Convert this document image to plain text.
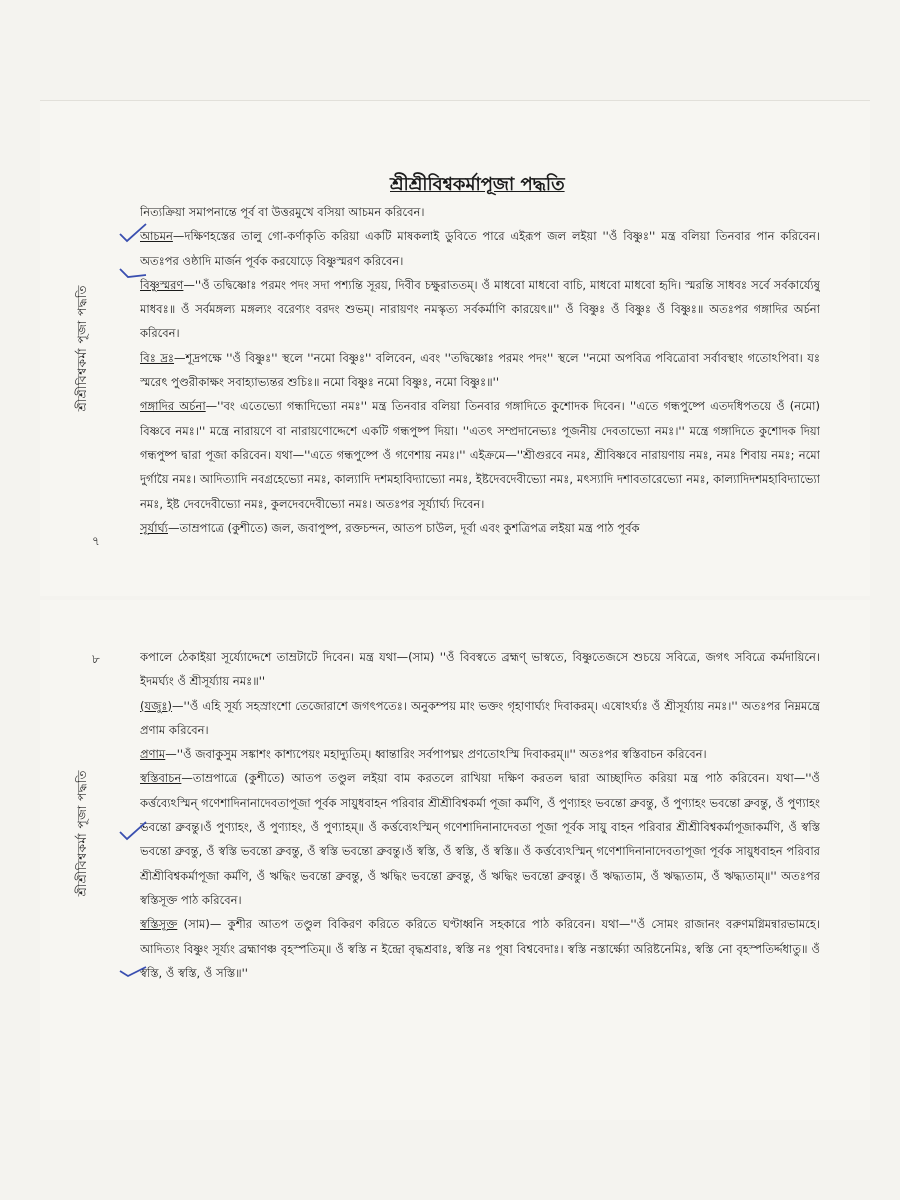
শ্রীশ্রীবিশ্বকর্মা পূজা পদ্ধতি
শ্রীশ্রীবিশ্বকর্মা পূজা পদ্ধতি
৭
৮
শ্রীশ্রীবিশ্বকর্মাপূজা পদ্ধতি

নিত্যক্রিয়া সমাপনান্তে পূর্ব বা উত্তরমুখে বসিয়া আচমন করিবেন।

আচমন—দক্ষিণহস্তের তালু গো-কর্ণাকৃতি করিয়া একটি মাষকলাই ডুবিতে পারে এইরূপ জল লইয়া ''ওঁ বিষ্ণুঃ'' মন্ত্র বলিয়া তিনবার পান করিবেন। অতঃপর ওষ্ঠাদি মার্জন পূর্বক করযোড়ে বিষ্ণুস্মরণ করিবেন।

বিষ্ণুস্মরণ—''ওঁ তদ্বিষ্ণোঃ পরমং পদং সদা পশ্যন্তি সূরয়, দিবীব চক্ষুরাততম্‌। ওঁ মাধবো মাধবো বাচি, মাধবো মাধবো হৃদি। স্মরন্তি সাধবঃ সর্বে সর্বকার্য্যেষু মাধবঃ॥ ওঁ সর্বমঙ্গল্য মঙ্গল্যং বরেণ্যং বরদং শুভম্‌। নারায়ণং নমস্কৃত্য সর্বকর্মাণি কারয়েৎ॥'' ওঁ বিষ্ণুঃ ওঁ বিষ্ণুঃ ওঁ বিষ্ণুঃ॥ অতঃপর গঙ্গাদির অর্চনা করিবেন।

বিঃ দ্রঃ—শূদ্রপক্ষে ''ওঁ বিষ্ণুঃ'' স্থলে ''নমো বিষ্ণুঃ'' বলিবেন, এবং ''তদ্বিষ্ণোঃ পরমং পদং'' স্থলে ''নমো অপবিত্র পবিত্রোবা সর্বাবস্থাং গতোঽপিবা। যঃ স্মরেৎ পুণ্ডরীকাক্ষং সবাহ্যাভ্যন্তর শুচিঃ॥ নমো বিষ্ণুঃ নমো বিষ্ণুঃ, নমো বিষ্ণুঃ॥''

গঙ্গাদির অর্চনা—''বং এতেভ্যো গন্ধাদিভ্যো নমঃ'' মন্ত্র তিনবার বলিয়া তিনবার গঙ্গাদিতে কুশোদক দিবেন। ''এতে গন্ধপুষ্পে এতদধিপতয়ে ওঁ (নমো) বিষ্ণবে নমঃ।'' মন্ত্রে নারায়ণে বা নারায়ণোদ্দেশে একটি গন্ধপুষ্প দিয়া। ''এতৎ সম্প্রদানেভ্যঃ পূজনীয় দেবতাভ্যো নমঃ।'' মন্ত্রে গঙ্গাদিতে কুশোদক দিয়া গন্ধপুষ্প দ্বারা পূজা করিবেন। যথা—''এতে গন্ধপুষ্পে ওঁ গণেশায় নমঃ।'' এইক্রমে—''শ্রীগুরবে নমঃ, শ্রীবিষ্ণবে নারায়ণায় নমঃ, নমঃ শিবায় নমঃ; নমো দুর্গায়ৈ নমঃ। আদিত্যাদি নবগ্রহেভ্যো নমঃ, কাল্যাদি দশমহাবিদ্যাভ্যো নমঃ, ইষ্টদেবদেবীভ্যো নমঃ, মৎস্যাদি দশাবতারেভ্যো নমঃ, কাল্যাদিদশমহাবিদ্যাভ্যো নমঃ, ইষ্ট দেবদেবীভ্যো নমঃ, কুলদেবদেবীভ্যো নমঃ। অতঃপর সূর্য্যার্ঘ্য দিবেন।

সূর্যার্ঘ্য—তাম্রপাত্রে (কুশীতে) জল, জবাপুষ্প, রক্তচন্দন, আতপ চাউল, দূর্বা এবং কুশত্রিপত্র লইয়া মন্ত্র পাঠ পূর্বক

কপালে ঠেকাইয়া সূর্য্যোদ্দেশে তাম্রটাটে দিবেন। মন্ত্র যথা—(সাম) ''ওঁ বিবস্বতে ব্রহ্মণ্‌ ভাস্বতে, বিষ্ণুতেজসে শুচয়ে সবিত্রে, জগৎ সবিত্রে কর্মদায়িনে। ইদমর্ঘ্যং ওঁ শ্রীসূর্য্যায় নমঃ॥''

(যজুঃ)—''ওঁ এহি সূর্য্য সহস্রাংশো তেজোরাশে জগৎপতেঃ। অনুকম্পয় মাং ভক্তং গৃহাণার্ঘ্যং দিবাকরম্‌। এষোঽর্ঘ্যঃ ওঁ শ্রীসূর্য্যায় নমঃ।'' অতঃপর নিম্নমন্ত্রে প্রণাম করিবেন।

প্রণাম—''ওঁ জবাকুসুম সঙ্কাশং কাশ্যপেয়ং মহাদ্যুতিম্‌। ধ্বান্তারিং সর্বপাপঘ্নং প্রণতোঽস্মি দিবাকরম্‌॥'' অতঃপর স্বস্তিবাচন করিবেন।

স্বস্তিবাচন—তাম্রপাত্রে (কুশীতে) আতপ তণ্ডুল লইয়া বাম করতলে রাখিয়া দক্ষিণ করতল দ্বারা আচ্ছাদিত করিয়া মন্ত্র পাঠ করিবেন। যথা—''ওঁ কর্ত্তব্যেঽস্মিন্‌ গণেশাদিনানাদেবতাপূজা পূর্বক সায়ুধবাহন পরিবার শ্রীশ্রীবিশ্বকর্মা পূজা কর্মণি, ওঁ পুণ্যাহং ভবন্তো ব্রুবন্তু, ওঁ পুণ্যাহং ভবন্তো ব্রুবন্তু, ওঁ পুণ্যাহং ভবন্তো ব্রুবন্তু।ওঁ পুণ্যাহং, ওঁ পুণ্যাহং, ওঁ পুণ্যাহম্‌॥ ওঁ কর্ত্তব্যেঽস্মিন্‌ গণেশাদিনানাদেবতা পূজা পূর্বক সায়ু বাহন পরিবার শ্রীশ্রীবিশ্বকর্মাপূজাকর্মণি, ওঁ স্বস্তি ভবন্তো ব্রুবন্তু, ওঁ স্বস্তি ভবন্তো ব্রুবন্তু, ওঁ স্বস্তি ভবন্তো ব্রুবন্তু।ওঁ স্বস্তি, ওঁ স্বস্তি, ওঁ স্বস্তি॥ ওঁ কর্ত্তব্যেঽস্মিন্‌ গণেশাদিনানাদেবতাপূজা পূর্বক সায়ুধবাহন পরিবার শ্রীশ্রীবিশ্বকর্মাপূজা কর্মণি, ওঁ ঋদ্ধিং ভবন্তো ব্রুবন্তু, ওঁ ঋদ্ধিং ভবন্তো ব্রুবন্তু, ওঁ ঋদ্ধিং ভবন্তো ব্রুবন্তু। ওঁ ঋদ্ধ্যতাম, ওঁ ঋদ্ধ্যতাম, ওঁ ঋদ্ধ্যতাম্‌॥'' অতঃপর স্বস্তিসূক্ত পাঠ করিবেন।

স্বস্তিসূক্ত (সাম)— কুশীর আতপ তণ্ডুল বিকিরণ করিতে করিতে ঘণ্টাধ্বনি সহকারে পাঠ করিবেন। যথা—''ওঁ সোমং রাজানং বরুণমগ্নিমন্বারভামহে। আদিত্যং বিষ্ণুং সূর্য্যং ব্রহ্মাণঞ্চ বৃহস্পতিম্‌॥ ওঁ স্বস্তি ন ইন্দ্রো বৃদ্ধশ্রবাঃ, স্বস্তি নঃ পূষা বিশ্ববেদাঃ। স্বস্তি নস্তার্ক্ষ্যো অরিষ্টনেমিঃ, স্বস্তি নো বৃহস্পতির্দ্দধাতু॥ ওঁ স্বস্তি, ওঁ স্বস্তি, ওঁ সস্তি॥''
